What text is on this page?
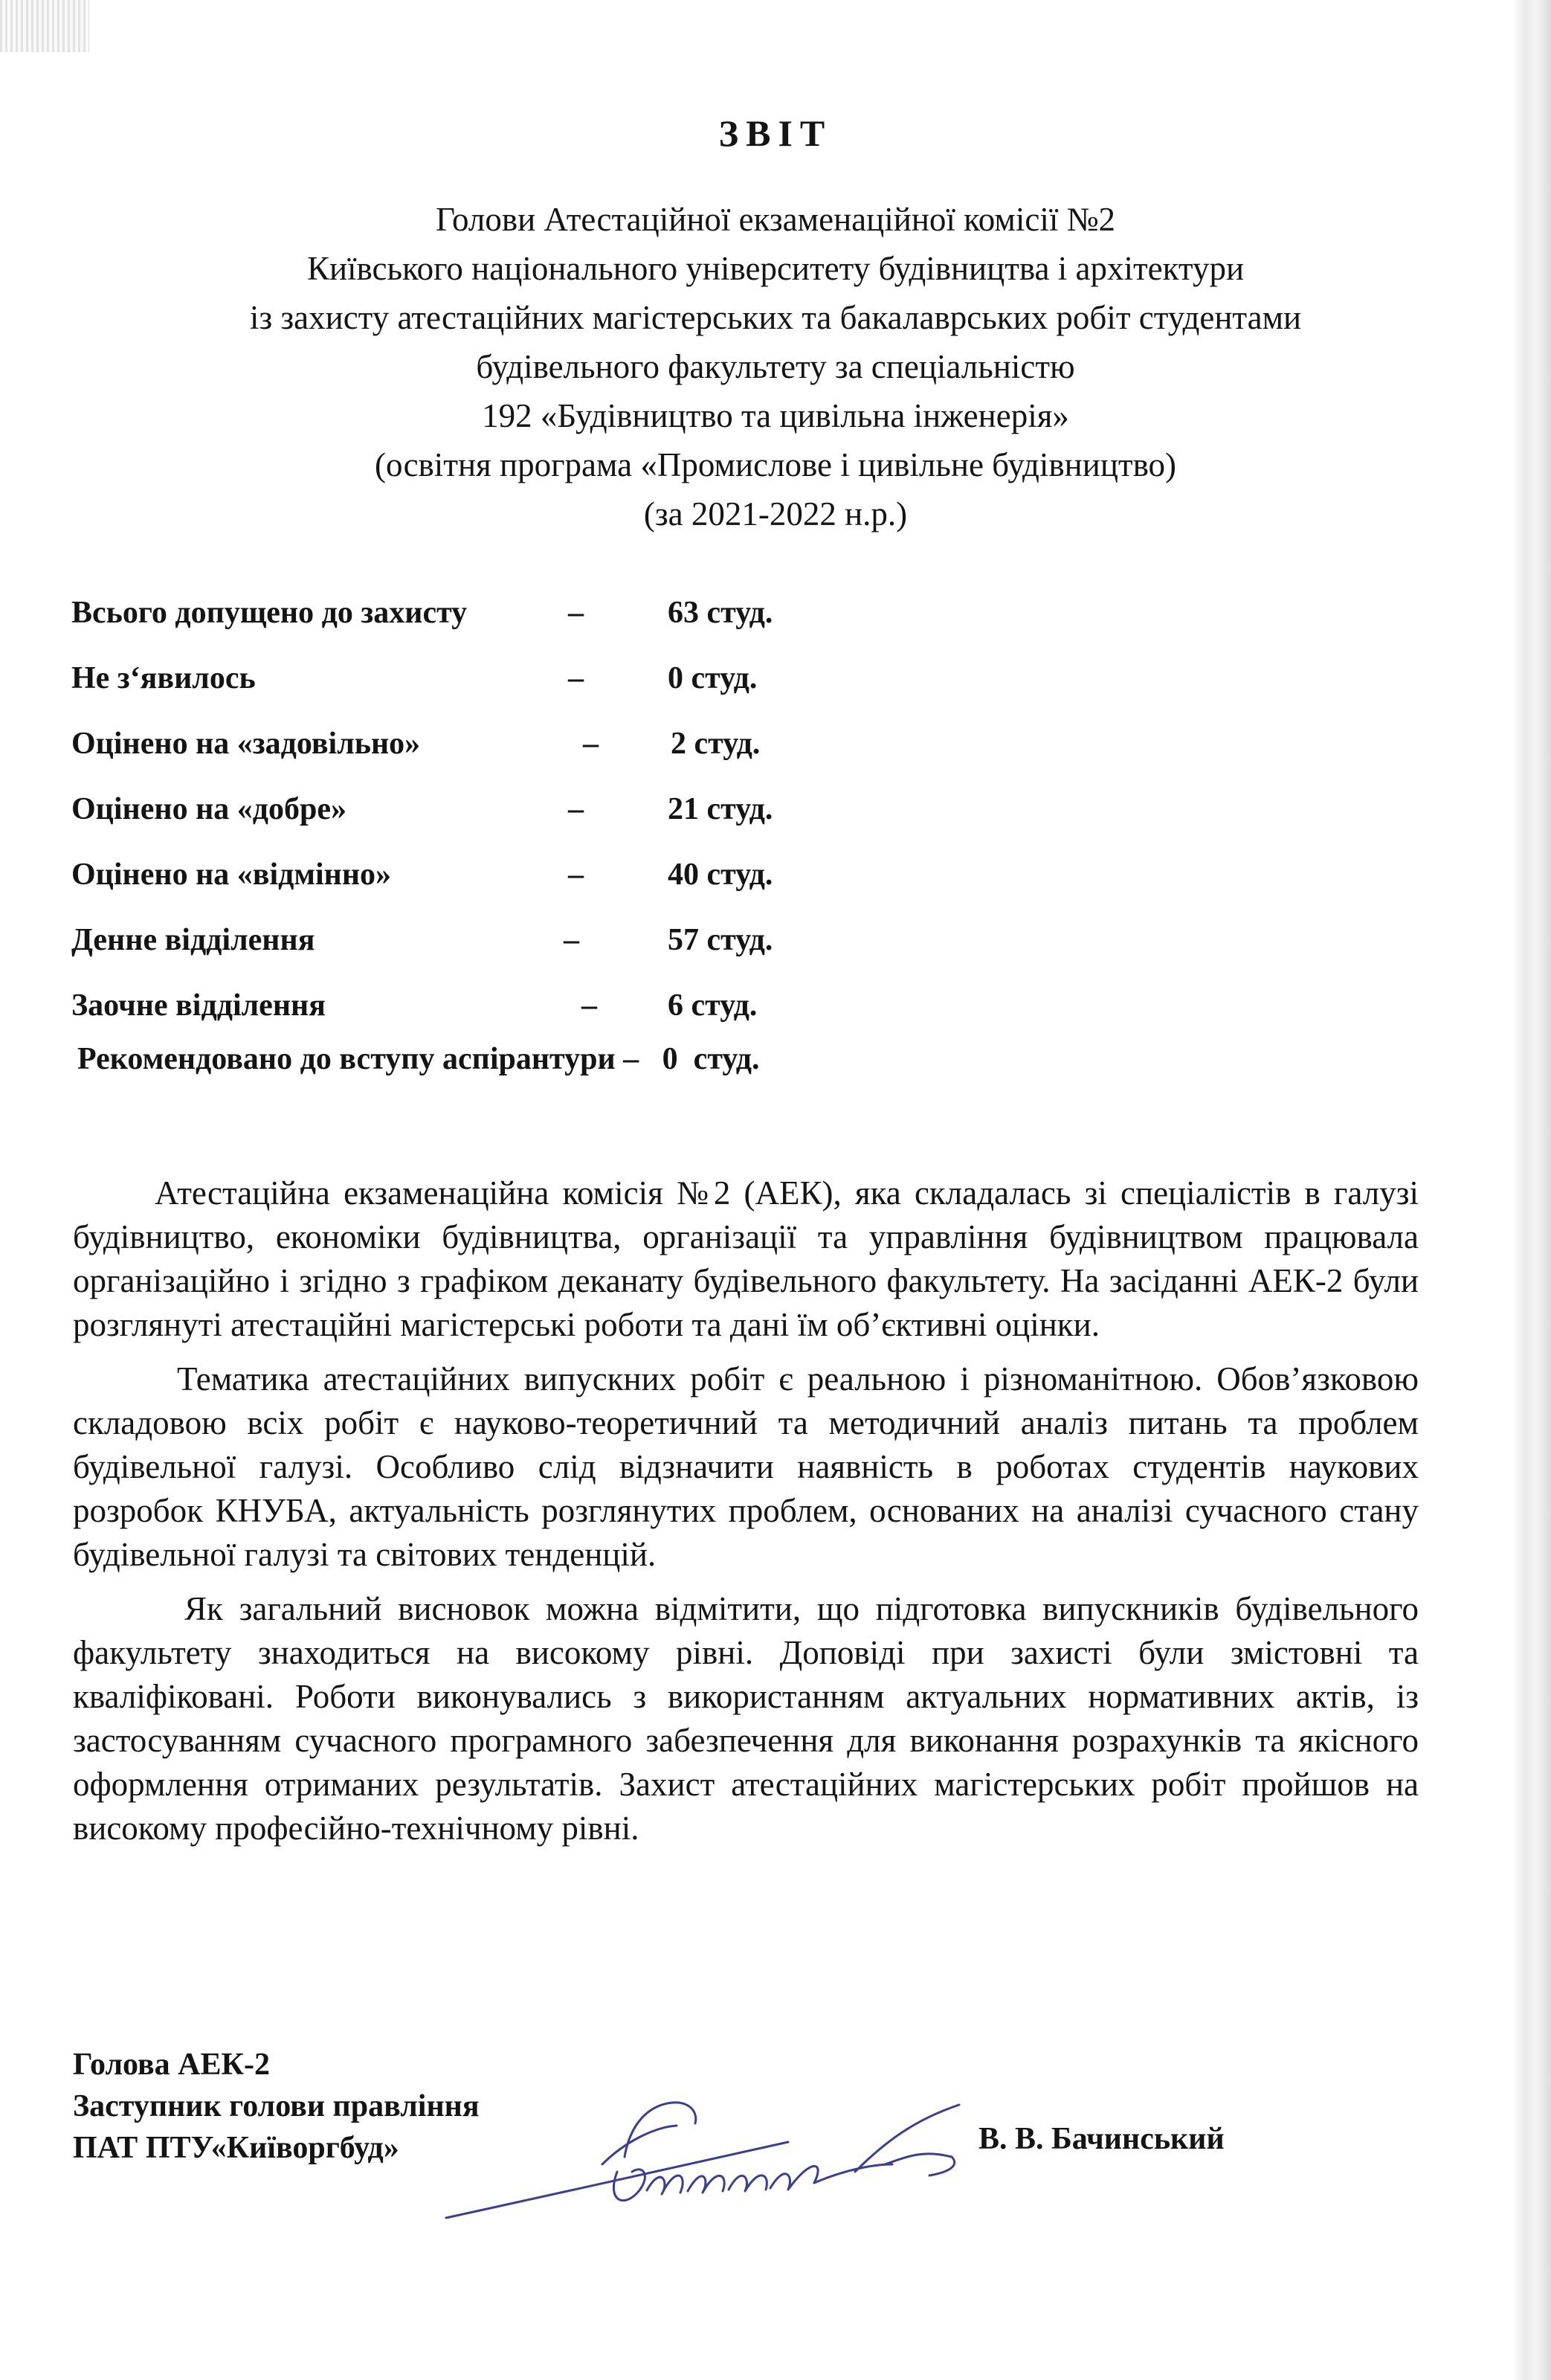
ЗВІТ
Голови Атестаційної екзаменаційної комісії №2
Київського національного університету будівництва і архітектури
із захисту атестаційних магістерських та бакалаврських робіт студентами
будівельного факультету за спеціальністю
192 «Будівництво та цивільна інженерія»
(освітня програма «Промислове і цивільне будівництво)
(за 2021-2022 н.р.)
Всього допущено до захисту	–	63 студ.
Не з‘явилось	–	0 студ.
Оцінено на «задовільно»	– 2 студ.
Оцінено на «добре»	–	21 студ.
Оцінено на «відмінно»	–	40 студ.
Денне відділення	–	57 студ.
Заочне відділення	– 6 студ.
Рекомендовано до вступу аспірантури –   0  студ.

Атестаційна екзаменаційна комісія №2 (АЕК), яка складалась зі спеціалістів в галузі будівництво, економіки будівництва, організації та управління будівництвом працювала організаційно і згідно з графіком деканату будівельного факультету. На засіданні АЕК-2 були розглянуті атестаційні магістерські роботи та дані їм об’єктивні оцінки.

Тематика атестаційних випускних робіт є реальною і різноманітною. Обов’язковою складовою всіх робіт є науково-теоретичний та методичний аналіз питань та проблем будівельної галузі. Особливо слід відзначити наявність в роботах студентів наукових розробок КНУБА, актуальність розглянутих проблем, основаних на аналізі сучасного стану будівельної галузі та світових тенденцій.

Як загальний висновок можна відмітити, що підготовка випускників будівельного факультету знаходиться на високому рівні. Доповіді при захисті були змістовні та кваліфіковані. Роботи виконувались з використанням актуальних нормативних актів, із застосуванням сучасного програмного забезпечення для виконання розрахунків та якісного оформлення отриманих результатів. Захист атестаційних магістерських робіт пройшов на високому професійно-технічному рівні.

Голова АЕК-2
Заступник голови правління
ПАТ ПТУ«Київоргбуд»	В. В. Бачинський
